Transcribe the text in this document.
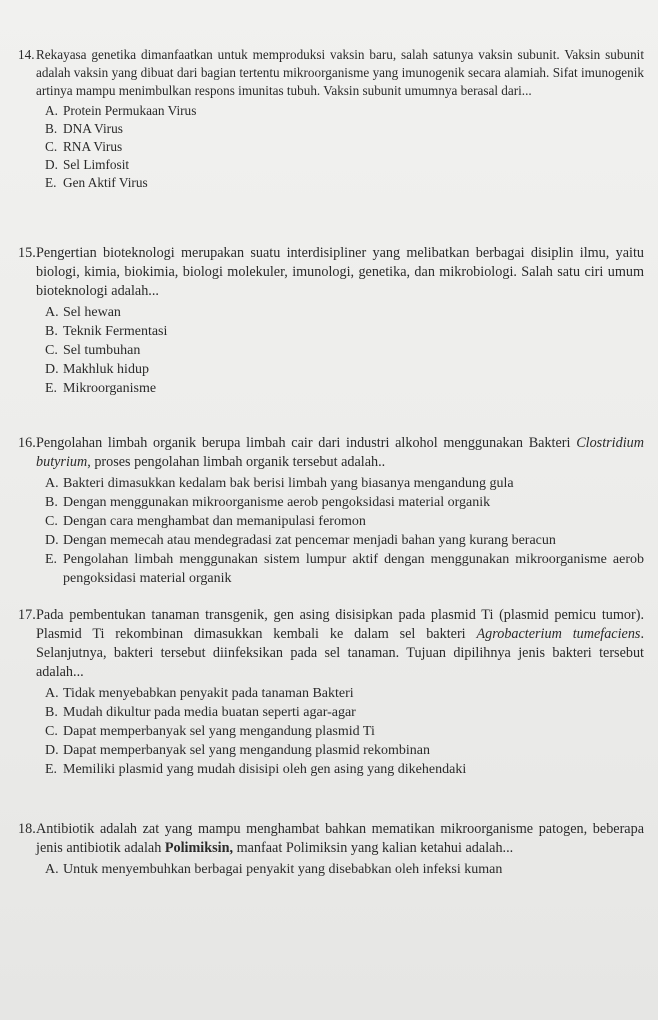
14. Rekayasa genetika dimanfaatkan untuk memproduksi vaksin baru, salah satunya vaksin subunit. Vaksin subunit adalah vaksin yang dibuat dari bagian tertentu mikroorganisme yang imunogenik secara alamiah. Sifat imunogenik artinya mampu menimbulkan respons imunitas tubuh. Vaksin subunit umumnya berasal dari...
A. Protein Permukaan Virus
B. DNA Virus
C. RNA Virus
D. Sel Limfosit
E. Gen Aktif Virus
15. Pengertian bioteknologi merupakan suatu interdisipliner yang melibatkan berbagai disiplin ilmu, yaitu biologi, kimia, biokimia, biologi molekuler, imunologi, genetika, dan mikrobiologi. Salah satu ciri umum bioteknologi adalah...
A. Sel hewan
B. Teknik Fermentasi
C. Sel tumbuhan
D. Makhluk hidup
E. Mikroorganisme
16. Pengolahan limbah organik berupa limbah cair dari industri alkohol menggunakan Bakteri Clostridium butyrium, proses pengolahan limbah organik tersebut adalah..
A. Bakteri dimasukkan kedalam bak berisi limbah yang biasanya mengandung gula
B. Dengan menggunakan mikroorganisme aerob pengoksidasi material organik
C. Dengan cara menghambat dan memanipulasi feromon
D. Dengan memecah atau mendegradasi zat pencemar menjadi bahan yang kurang beracun
E. Pengolahan limbah menggunakan sistem lumpur aktif dengan menggunakan mikroorganisme aerob pengoksidasi material organik
17. Pada pembentukan tanaman transgenik, gen asing disisipkan pada plasmid Ti (plasmid pemicu tumor). Plasmid Ti rekombinan dimasukkan kembali ke dalam sel bakteri Agrobacterium tumefaciens. Selanjutnya, bakteri tersebut diinfeksikan pada sel tanaman. Tujuan dipilihnya jenis bakteri tersebut adalah...
A. Tidak menyebabkan penyakit pada tanaman Bakteri
B. Mudah dikultur pada media buatan seperti agar-agar
C. Dapat memperbanyak sel yang mengandung plasmid Ti
D. Dapat memperbanyak sel yang mengandung plasmid rekombinan
E. Memiliki plasmid yang mudah disisipi oleh gen asing yang dikehendaki
18. Antibiotik adalah zat yang mampu menghambat bahkan mematikan mikroorganisme patogen, beberapa jenis antibiotik adalah Polimiksin, manfaat Polimiksin yang kalian ketahui adalah...
A. Untuk menyembuhkan berbagai penyakit yang disebabkan oleh infeksi kuman
